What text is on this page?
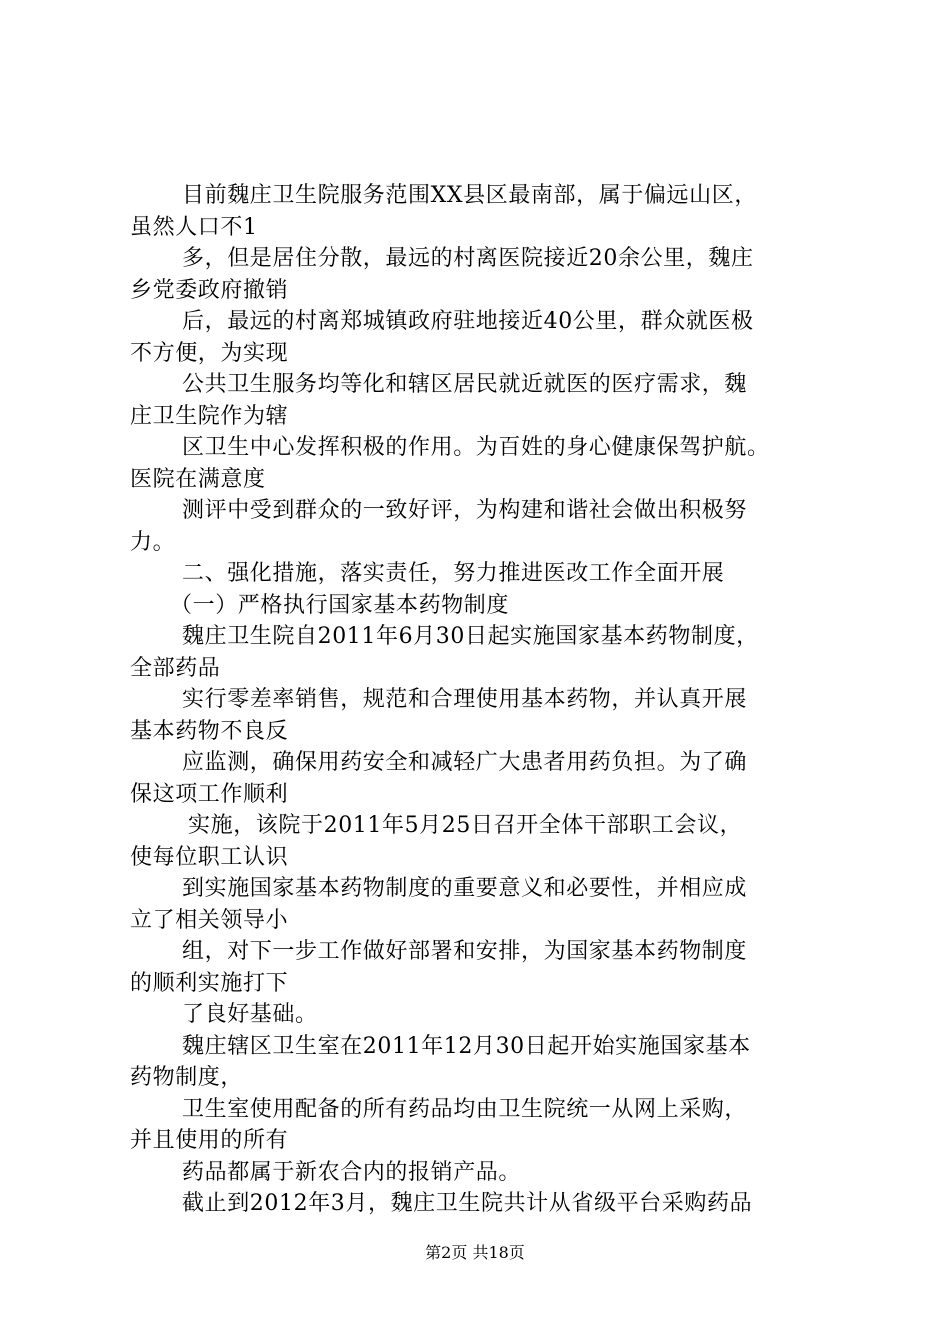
目前魏庄卫生院服务范围XX县区最南部，属于偏远山区，
虽然人口不1
多，但是居住分散，最远的村离医院接近20余公里，魏庄
乡党委政府撤销
后，最远的村离郑城镇政府驻地接近40公里，群众就医极
不方便，为实现
公共卫生服务均等化和辖区居民就近就医的医疗需求，魏
庄卫生院作为辖
区卫生中心发挥积极的作用。为百姓的身心健康保驾护航。
医院在满意度
测评中受到群众的一致好评，为构建和谐社会做出积极努
力。
二、强化措施，落实责任，努力推进医改工作全面开展
（一）严格执行国家基本药物制度
魏庄卫生院自2011年6月30日起实施国家基本药物制度，
全部药品
实行零差率销售，规范和合理使用基本药物，并认真开展
基本药物不良反
应监测，确保用药安全和减轻广大患者用药负担。为了确
保这项工作顺利
实施，该院于2011年5月25日召开全体干部职工会议，
使每位职工认识
到实施国家基本药物制度的重要意义和必要性，并相应成
立了相关领导小
组，对下一步工作做好部署和安排，为国家基本药物制度
的顺利实施打下
了良好基础。
魏庄辖区卫生室在2011年12月30日起开始实施国家基本
药物制度，
卫生室使用配备的所有药品均由卫生院统一从网上采购，
并且使用的所有
药品都属于新农合内的报销产品。
截止到2012年3月，魏庄卫生院共计从省级平台采购药品
第2页 共18页
